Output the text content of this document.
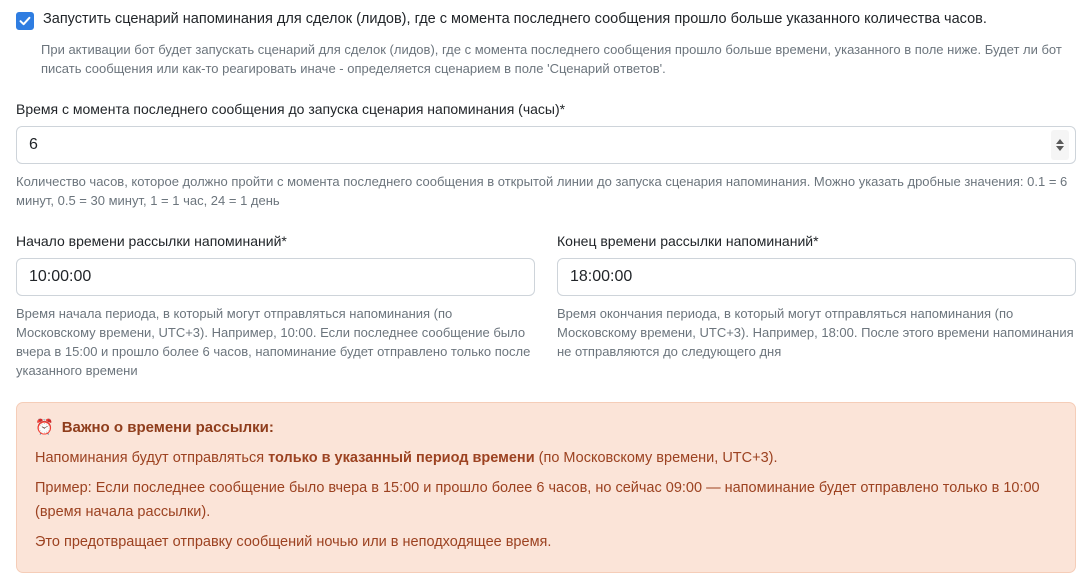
Запустить сценарий напоминания для сделок (лидов), где с момента последнего сообщения прошло больше указанного количества часов.
При активации бот будет запускать сценарий для сделок (лидов), где с момента последнего сообщения прошло больше времени, указанного в поле ниже. Будет ли бот писать сообщения или как-то реагировать иначе - определяется сценарием в поле 'Сценарий ответов'.
Время с момента последнего сообщения до запуска сценария напоминания (часы)*
6
Количество часов, которое должно пройти с момента последнего сообщения в открытой линии до запуска сценария напоминания. Можно указать дробные значения: 0.1 = 6 минут, 0.5 = 30 минут, 1 = 1 час, 24 = 1 день
Начало времени рассылки напоминаний*
10:00:00
Время начала периода, в который могут отправляться напоминания (по Московскому времени, UTC+3). Например, 10:00. Если последнее сообщение было вчера в 15:00 и прошло более 6 часов, напоминание будет отправлено только после указанного времени
Конец времени рассылки напоминаний*
18:00:00
Время окончания периода, в который могут отправляться напоминания (по Московскому времени, UTC+3). Например, 18:00. После этого времени напоминания не отправляются до следующего дня
⏰ Важно о времени рассылки:

Напоминания будут отправляться только в указанный период времени (по Московскому времени, UTC+3).

Пример: Если последнее сообщение было вчера в 15:00 и прошло более 6 часов, но сейчас 09:00 — напоминание будет отправлено только в 10:00 (время начала рассылки).

Это предотвращает отправку сообщений ночью или в неподходящее время.
